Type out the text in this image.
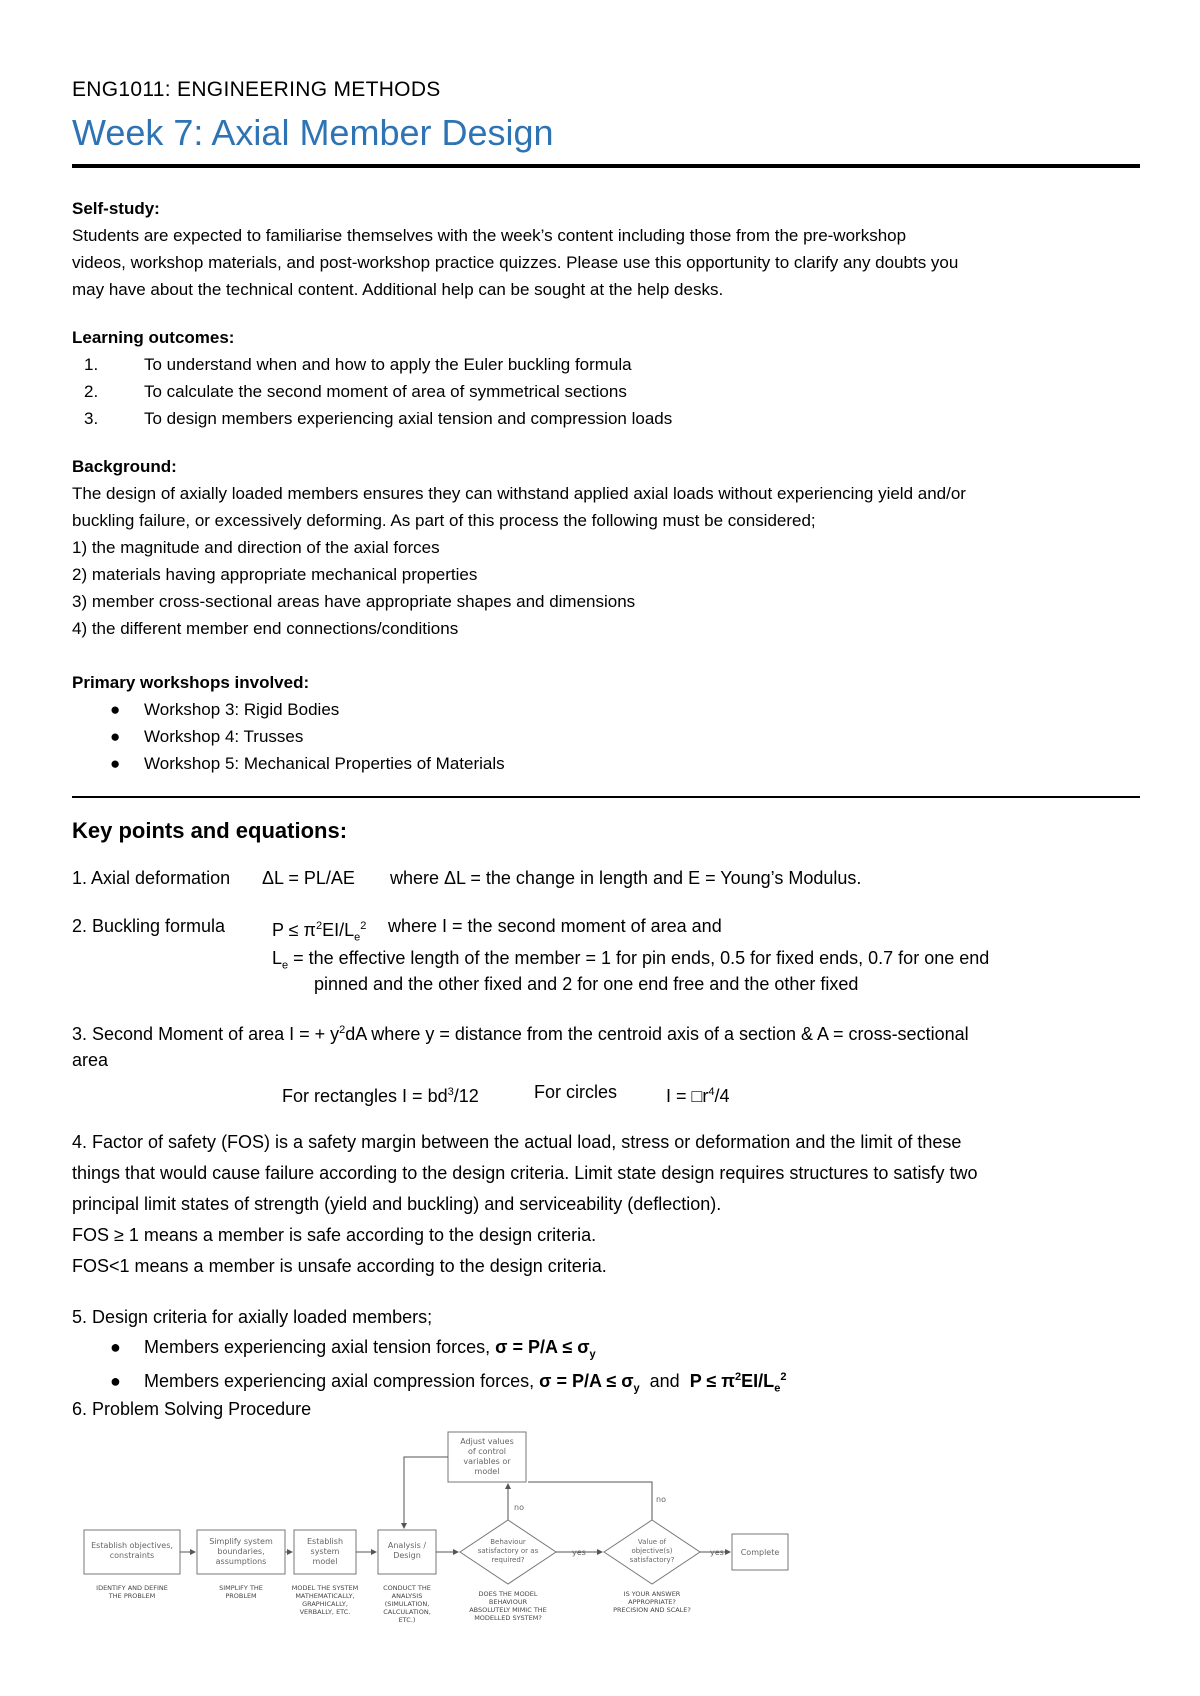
ENG1011: ENGINEERING METHODS
Week 7: Axial Member Design
Self-study:
Students are expected to familiarise themselves with the week’s content including those from the pre-workshop
videos, workshop materials, and post-workshop practice quizzes. Please use this opportunity to clarify any doubts you
may have about the technical content. Additional help can be sought at the help desks.
Learning outcomes:
1.	To understand when and how to apply the Euler buckling formula
2.	To calculate the second moment of area of symmetrical sections
3.	To design members experiencing axial tension and compression loads
Background:
The design of axially loaded members ensures they can withstand applied axial loads without experiencing yield and/or
buckling failure, or excessively deforming. As part of this process the following must be considered;
1) the magnitude and direction of the axial forces
2) materials having appropriate mechanical properties
3) member cross-sectional areas have appropriate shapes and dimensions
4) the different member end connections/conditions
Primary workshops involved:
● Workshop 3: Rigid Bodies
● Workshop 4: Trusses
● Workshop 5: Mechanical Properties of Materials
Key points and equations:
1. Axial deformation ΔL = PL/AE where ΔL = the change in length and E = Young’s Modulus.
2. Buckling formula	$P \le \pi^2EI/L_e^2$ where I = the second moment of area and
$L_e$ = the effective length of the member = 1 for pin ends, 0.5 for fixed ends, 0.7 for one end
pinned and the other fixed and 2 for one end free and the other fixed
3. Second Moment of area I = + $y^2dA$ where y = distance from the centroid axis of a section & A = cross-sectional
area
For rectangles $I = bd^3/12$	For circles	$I = □r^4/4$
4. Factor of safety (FOS) is a safety margin between the actual load, stress or deformation and the limit of these
things that would cause failure according to the design criteria. Limit state design requires structures to satisfy two
principal limit states of strength (yield and buckling) and serviceability (deflection).
FOS ≥ 1 means a member is safe according to the design criteria.
FOS<1 means a member is unsafe according to the design criteria.
5. Design criteria for axially loaded members;
● Members experiencing axial tension forces, $\sigma = P/A \le \sigma_y$
● Members experiencing axial compression forces, $\sigma = P/A \le \sigma_y$  and  $P \le \pi^2EI/L_e^2$
6. Problem Solving Procedure
Adjust values of control variables or model
Establish objectives, constraints
Simplify system boundaries, assumptions
Establish system model
Analysis / Design
Behaviour satisfactory or as required?
Value of objective(s) satisfactory?
Complete
no
no
yes	yes
IDENTIFY AND DEFINE THE PROBLEM
SIMPLIFY THE PROBLEM
MODEL THE SYSTEM MATHEMATICALLY, GRAPHICALLY, VERBALLY, ETC.
CONDUCT THE ANALYSIS (SIMULATION, CALCULATION, ETC.)
DOES THE MODEL BEHAVIOUR ABSOLUTELY MIMIC THE MODELLED SYSTEM?
IS YOUR ANSWER APPROPRIATE? PRECISION AND SCALE?
